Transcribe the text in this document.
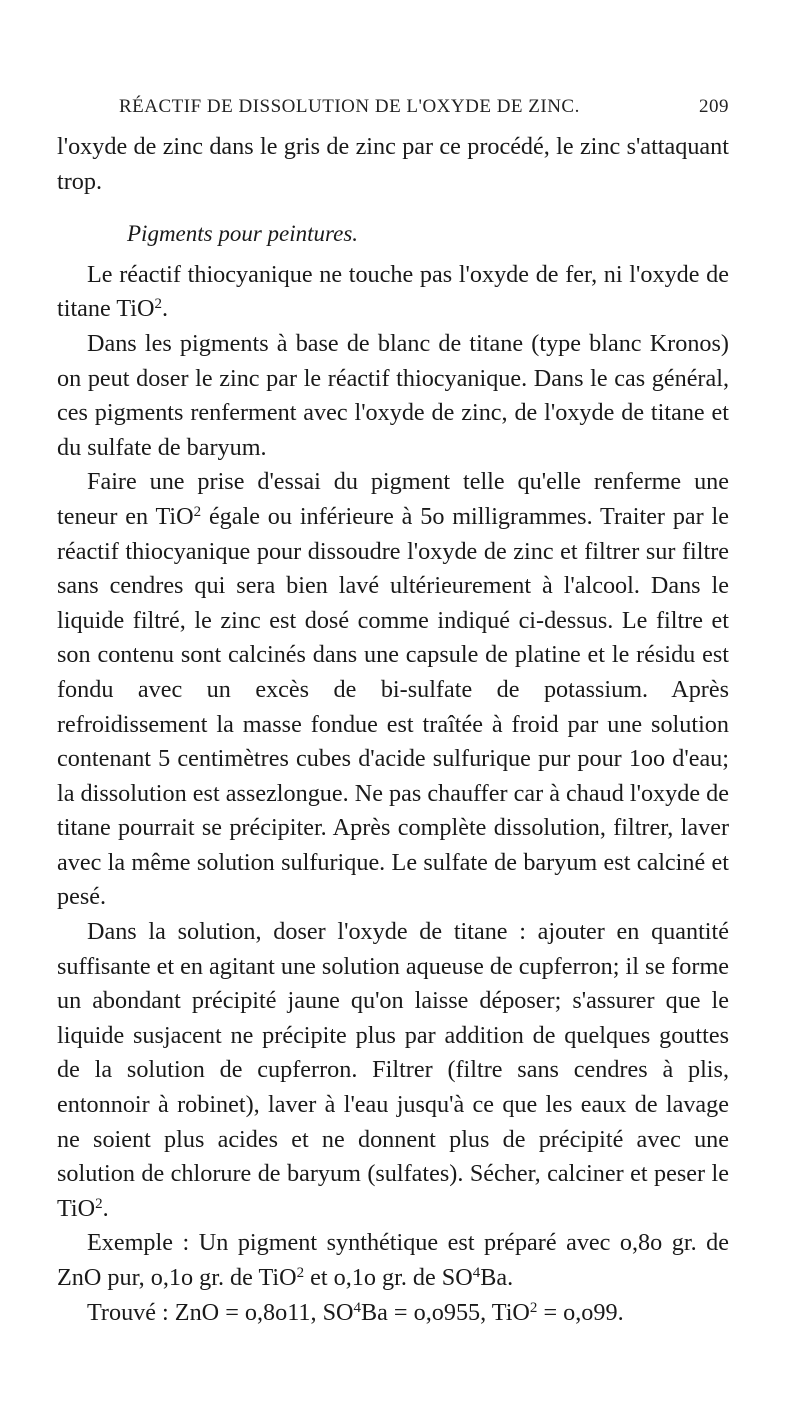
RÉACTIF DE DISSOLUTION DE L'OXYDE DE ZINC.	209

l'oxyde de zinc dans le gris de zinc par ce procédé, le zinc s'attaquant trop.

Pigments pour peintures.

Le réactif thiocyanique ne touche pas l'oxyde de fer, ni l'oxyde de titane TiO$^2$.

Dans les pigments à base de blanc de titane (type blanc Kronos) on peut doser le zinc par le réactif thiocyanique. Dans le cas général, ces pigments renferment avec l'oxyde de zinc, de l'oxyde de titane et du sulfate de baryum.

Faire une prise d'essai du pigment telle qu'elle renferme une teneur en TiO$^2$ égale ou inférieure à 5o milligrammes. Traiter par le réactif thiocyanique pour dissoudre l'oxyde de zinc et filtrer sur filtre sans cendres qui sera bien lavé ultérieurement à l'alcool. Dans le liquide filtré, le zinc est dosé comme indiqué ci-dessus. Le filtre et son contenu sont calcinés dans une capsule de platine et le résidu est fondu avec un excès de bi-sulfate de potassium. Après refroidissement la masse fondue est traîtée à froid par une solution contenant 5 centimètres cubes d'acide sulfurique pur pour 1oo d'eau; la dissolution est assezlongue. Ne pas chauffer car à chaud l'oxyde de titane pourrait se précipiter. Après complète dissolution, filtrer, laver avec la même solution sulfurique. Le sulfate de baryum est calciné et pesé.

Dans la solution, doser l'oxyde de titane : ajouter en quantité suffisante et en agitant une solution aqueuse de cupferron; il se forme un abondant précipité jaune qu'on laisse déposer; s'assurer que le liquide susjacent ne précipite plus par addition de quelques gouttes de la solution de cupferron. Filtrer (filtre sans cendres à plis, entonnoir à robinet), laver à l'eau jusqu'à ce que les eaux de lavage ne soient plus acides et ne donnent plus de précipité avec une solution de chlorure de baryum (sulfates). Sécher, calciner et peser le TiO$^2$.

Exemple : Un pigment synthétique est préparé avec o,8o gr. de ZnO pur, o,1o gr. de TiO$^2$ et o,1o gr. de $SO^4Ba$.

Trouvé : ZnO = o,8o11, $SO^4Ba = o,o955$, TiO$^2$ = o,o99.
